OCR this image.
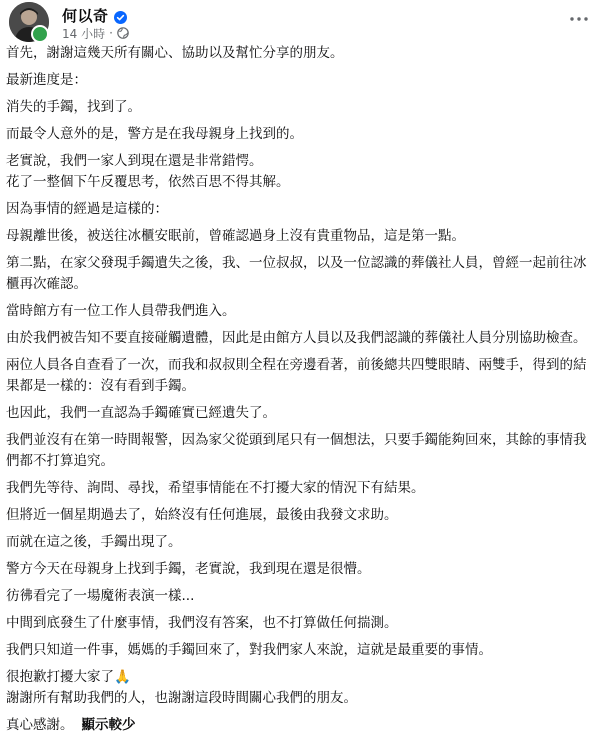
何以奇
14 小時 ·
首先，謝謝這幾天所有關心、協助以及幫忙分享的朋友。
最新進度是：
消失的手鐲，找到了。
而最令人意外的是，警方是在我母親身上找到的。
老實說，我們一家人到現在還是非常錯愕。
花了一整個下午反覆思考，依然百思不得其解。
因為事情的經過是這樣的：
母親離世後，被送往冰櫃安眠前，曾確認過身上沒有貴重物品，這是第一點。
第二點，在家父發現手鐲遺失之後，我、一位叔叔，以及一位認識的葬儀社人員，曾經一起前往冰
櫃再次確認。
當時館方有一位工作人員帶我們進入。
由於我們被告知不要直接碰觸遺體，因此是由館方人員以及我們認識的葬儀社人員分別協助檢查。
兩位人員各自查看了一次，而我和叔叔則全程在旁邊看著，前後總共四雙眼睛、兩雙手，得到的結
果都是一樣的：沒有看到手鐲。
也因此，我們一直認為手鐲確實已經遺失了。
我們並沒有在第一時間報警，因為家父從頭到尾只有一個想法，只要手鐲能夠回來，其餘的事情我
們都不打算追究。
我們先等待、詢問、尋找，希望事情能在不打擾大家的情況下有結果。
但將近一個星期過去了，始終沒有任何進展，最後由我發文求助。
而就在這之後，手鐲出現了。
警方今天在母親身上找到手鐲，老實說，我到現在還是很懵。
彷彿看完了一場魔術表演一樣...
中間到底發生了什麼事情，我們沒有答案，也不打算做任何揣測。
我們只知道一件事，媽媽的手鐲回來了，對我們家人來說，這就是最重要的事情。
很抱歉打擾大家了🙏
謝謝所有幫助我們的人，也謝謝這段時間關心我們的朋友。
真心感謝。 顯示較少
